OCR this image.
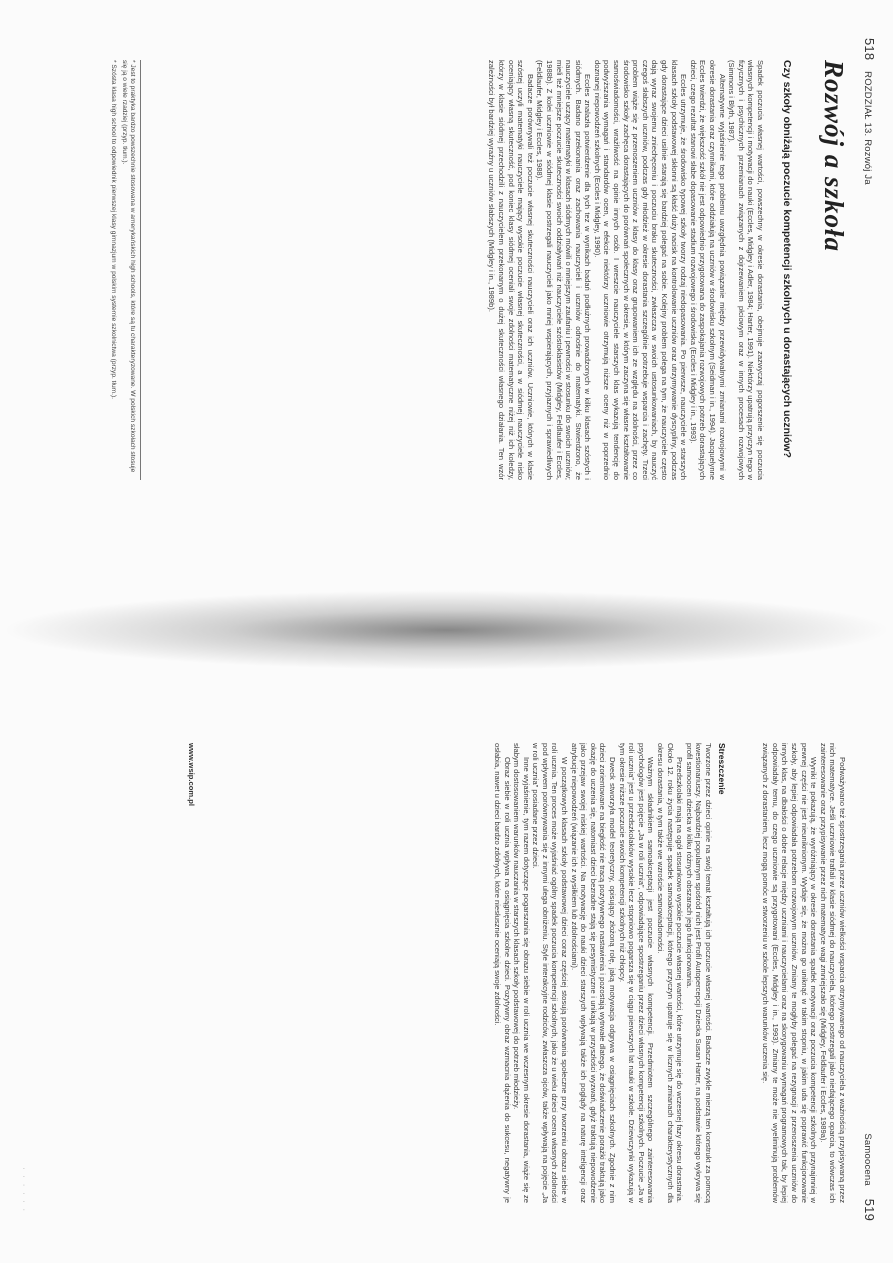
518 ROZDZIAŁ 13. Rozwój Ja
Rozwój a szkoła
Czy szkoły obniżają poczucie kompetencji szkolnych u dorastających uczniów?

Spadek poczucia własnej wartości, powszechny w okresie dorastania, obejmuje zazwyczaj pogorszenie się poczucia własnych kompetencji i motywacji do nauki (Eccles, Midgley i Adler, 1984; Harter, 1991). Niektórzy upatrują przyczyn tego w fizycznych i psychicznych przemianach związanych z dojrzewaniem płciowym oraz w innych procesach rozwojowych (Simmons i Blyth, 1987).

Alternatywne wyjaśnienie tego problemu uwzględnia powiązanie między przewidywalnymi zmianami rozwojowymi w okresie dorastania oraz czynnikami, które oddziałują na uczniów w środowisku szkolnym (Seidman i in., 1994). Jacquelynne Eccles twierdzi, że większość szkół nie jest odpowiednio przygotowana do zaspokajania rozwojowych potrzeb dorastających dzieci, czego rezultat stanowi słabe dopasowanie stadium rozwojowego i środowiska (Eccles i Midgley i in., 1993).

Eccles utrzymuje, że środowisko typowej szkoły tworzy rodzaj niedopasowania. Po pierwsze, nauczyciele w starszych klasach szkoły podstawowej skłonni są kłaść duży nacisk na kontrolowanie uczniów oraz utrzymywanie dyscypliny, podczas gdy dorastające dzieci usilnie starają się bardziej polegać na sobie. Kolejny problem polega na tym, że nauczyciele często dają wyraz swojemu zniechęceniu i poczuciu braku skuteczności, zwłaszcza w swoich ustosunkowaniach, by nauczyć czegoś słabszych uczniów, podczas gdy młodzież w okresie dorastania szczególnie potrzebuje wsparcia i zachęty. Trzeci problem wiąże się z przenoszeniem uczniów z klasy do klasy oraz grupowaniem ich ze względu na zdolności, przez co środowisko szkoły zachęca dorastających do porównań społecznych w okresie, w którym zaczyna się własne kształtowanie samoświadomości, wrażliwość na opinie innych osób. I wreszcie nauczyciele starszych klas wykazują tendencję do podwyższania wymagań i standardów ocen, w efekcie niektórzy uczniowie otrzymują niższe oceny niż w poprzednio doznanej niepowodzeń szkolnych (Eccles i Midgley, 1990).

Eccles znalazła potwierdzenie dla tych tez w wynikach badań podłużnych prowadzonych w kilku klasach szóstych i siódmych. Badano przekonania oraz zachowania nauczycieli i uczniów odnośnie do matematyki. Stwierdzono, że nauczyciele uczący matematyki w klasach siódmych mówili o mniejszym zaufaniu i pewności w stosunku do swoich uczniów; mieli też mniejsze poczucie skuteczności swoich oddziaływań niż nauczyciele szóstoklasistów (Midgley, Feldlaufer i Eccles, 1988b). Z kolei uczniowie w siódmej klasie postrzegali nauczycieli jako mniej wspierających, przyjaznych i sprawiedliwych (Feldlaufer, Midgley i Eccles, 1988).

Badacze porównywali też poczucie własnej skuteczności nauczycieli oraz ich uczniów. Uczniowie, których w klasie szóstej uczyli matematyki nauczyciele mający wysokie poczucie własnej skuteczności, a w siódmej nauczyciele nisko oceniający własną skuteczność, pod koniec klasy siódmej oceniali swoje zdolności matematyczne niżej niż ich koledzy, którzy w klasie siódmej przechodzili z nauczycielem przekonanym o dużej skuteczności własnego działania. Ten wzór zależności był bardziej wyraźny u uczniów słabszych (Midgley i in., 1989b).

* Jest to praktyka bardzo powszechnie stosowana w amerykańskich high schools, które są tu charakteryzowane. W polskich szkołach stosuje się ją o wiele rzadziej (przyp. tłum.).

* Szósta klasa high school to odpowiednik pierwszej klasy gimnazjum w polskim systemie szkolnictwa (przyp. tłum.).

Samoocena 519

Podważywano też spostrzegania przez uczniów wielkości wsparcia otrzymywanego od nauczyciela z ważnością przypisywaną przez nich matematyce. Jeśli uczniowie trafiali w klasie siódmej do nauczyciela, którego postrzegali jako niedającego oparcia, to wówczas ich zainteresowanie oraz przypisywanie przez nich matematyce wagi zmniejszało się (Midgley, Feldlaufer i Eccles, 1989a).

Wyniki te pokazują, że wyróżniający w okresie dorastania spadek motywacji oraz poczucia kompetencji szkolnych przynajmniej w pewnej części nie jest nieuniknionym. Wydaje się, że można go uniknąć w takim stopniu, w jakim uda się poprawić funkcjonowanie szkoły, aby lepiej odpowiadała potrzebom rozwojowym uczniów. Zmiany te mogłyby polegać na rezygnacji z przenoszenia uczniów do innych klas, na dbałości o dobre relacje między uczniami i nauczycielami oraz na skorygowaniu wymagań programowych tak, by lepiej odpowiadały temu, do czego uczniowie są przygotowani (Eccles, Midgley i in., 1993). Zmiany te może nie wyeliminują problemów związanych z dorastaniem, lecz mogą pomóc w stworzeniu w szkole lepszych warunków uczenia się.

Streszczenie

Tworzone przez dzieci opinie na swój temat kształtują ich poczucie własnej wartości. Badacze zwykle mierzą ten konstrukt za pomocą kwestionariuszy. Najbardziej popularnym spośród nich jest Profil Autopercepcji Dziecka Susan Harter, na podstawie którego wykrywa się profil samoocen dziecka w kilku różnych obszarach jego funkcjonowania.

Przedszkolaki mają na ogół stosunkowo wysokie poczucie własnej wartości, które utrzymuje się do wczesnej fazy okresu dorastania. Około 12. roku życia następuje spadek samoakceptacji, którego przyczyn upatruje się w licznych zmianach charakterystycznych dla okresu dorastania, w tym także we wzroście samowiadomości.

Ważnym składnikiem samoakceptacji jest poczucie własnych kompetencji. Przedmiotem szczególnego zainteresowania psychologów jest pojęcie „Ja w roli ucznia”, odpowiadające spostrzeganiu przez dzieci własnych kompetencji szkolnych. Poczucie „Ja w roli ucznia” jest u przedszkolaków wysokie lecz stopniowo pogarsza się w ciągu pierwszych lat nauki w szkole. Dziewczynki wykazują w tym okresie niższe poczucie swoich kompetencji szkolnych niż chłopcy.

Dweck stworzyła model teoretyczny, opisujący złożoną rolę, jaką motywacja odgrywa w osiągnięciach szkolnych. Zgodnie z nim dzieci zorientowane na biegłość nie tracą pozytywnego nastawienia i pozostają wytrwałe dlatego, że doświadczenie porażki traktują jako okazję do uczenia się, natomiast dzieci bezradne stają się pesymistyczne i unikają w przyszłości wyzwań, gdyż traktują niepowodzenie jako przejaw swojej niskiej wartości. Na motywację do nauki dzieci starszych wpływają także ich poglądy na naturę inteligencji oraz atrybucje niepowodzeń (wiązanie ich z wysiłkiem lub zdolnościami).

W początkowych klasach szkoły podstawowej dzieci coraz częściej stosują porównania społeczne przy tworzeniu obrazu siebie w roli ucznia. Ten proces może wyjaśniać ogólny spadek poczucia kompetencji szkolnych, jako że u wielu dzieci ocena własnych zdolności pod wpływem porównywania się z innymi ulega obniżeniu. Style interakcyjne rodziców, zwłaszcza ojców, także wpływają na pojęcie „Ja w roli ucznia” posiadane przez dzieci.

Inne wyjaśnienie, tym razem dotyczące pogarszania się obrazu siebie w roli ucznia we wczesnym okresie dorastania, wiąże się ze słabym dostosowaniem warunków nauczania w starszych klasach szkoły podstawowej do potrzeb młodzieży.

Obraz siebie w roli ucznia wpływa na osiągnięcia szkolne dzieci. Pozytywny obraz wzmacnia dążenia do sukcesu, negatywny je osłabia, nawet u dzieci bardzo zdolnych, które niesłusznie oceniają swoje zdolności.

www.wsip.com.pl
· · · · · ·
